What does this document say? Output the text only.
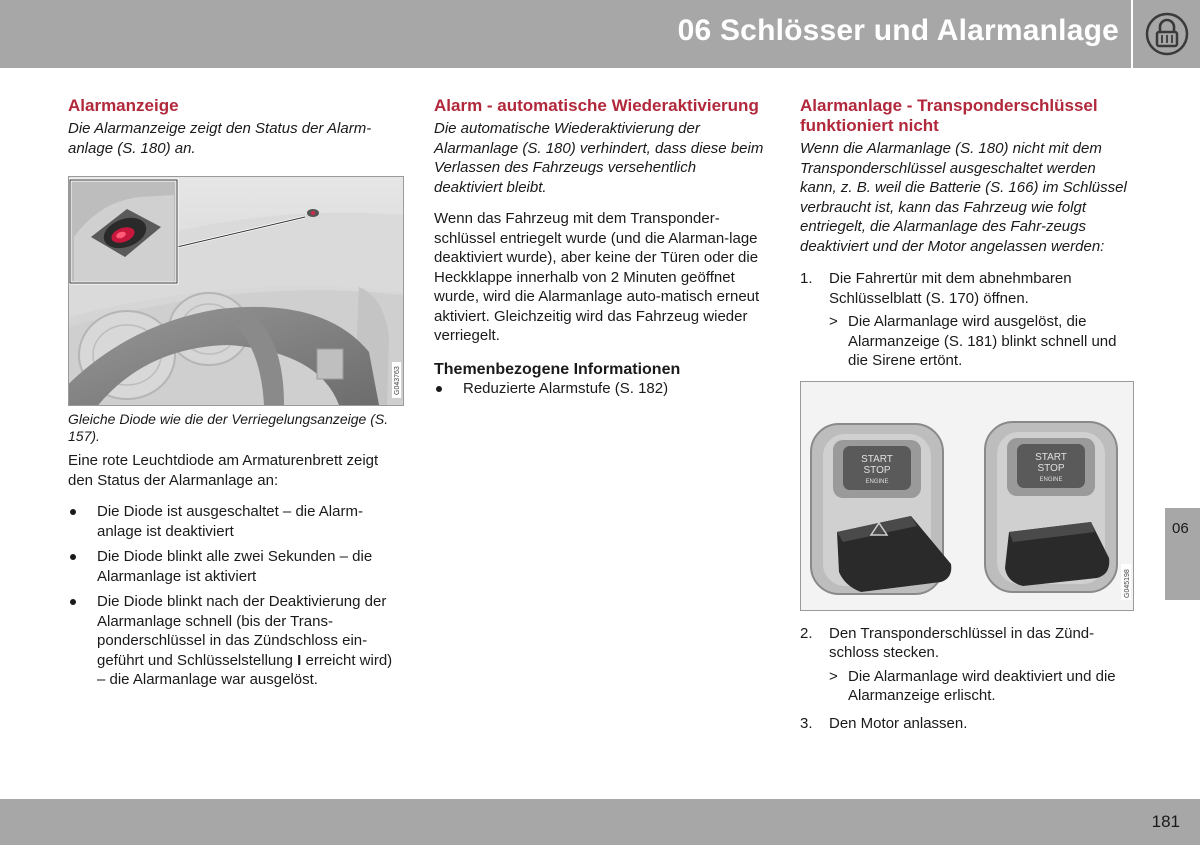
06 Schlösser und Alarmanlage
06
181
Alarmanzeige

Die Alarmanzeige zeigt den Status der Alarm-anlage (S. 180) an.

G043763

Gleiche Diode wie die der Verriegelungsanzeige (S. 157).

Eine rote Leuchtdiode am Armaturenbrett zeigt den Status der Alarmanlage an:

Die Diode ist ausgeschaltet – die Alarm-anlage ist deaktiviert
Die Diode blinkt alle zwei Sekunden – die Alarmanlage ist aktiviert
Die Diode blinkt nach der Deaktivierung der Alarmanlage schnell (bis der Trans-ponderschlüssel in das Zündschloss ein-geführt und Schlüsselstellung I erreicht wird) – die Alarmanlage war ausgelöst.
Alarm - automatische Wiederaktivierung

Die automatische Wiederaktivierung der Alarmanlage (S. 180) verhindert, dass diese beim Verlassen des Fahrzeugs versehentlich deaktiviert bleibt.

Wenn das Fahrzeug mit dem Transponder-schlüssel entriegelt wurde (und die Alarman-lage deaktiviert wurde), aber keine der Türen oder die Heckklappe innerhalb von 2 Minuten geöffnet wurde, wird die Alarmanlage auto-matisch erneut aktiviert. Gleichzeitig wird das Fahrzeug wieder verriegelt.

Themenbezogene Informationen
Reduzierte Alarmstufe (S. 182)
Alarmanlage - Transponderschlüssel funktioniert nicht

Wenn die Alarmanlage (S. 180) nicht mit dem Transponderschlüssel ausgeschaltet werden kann, z. B. weil die Batterie (S. 166) im Schlüssel verbraucht ist, kann das Fahrzeug wie folgt entriegelt, die Alarmanlage des Fahr-zeugs deaktiviert und der Motor angelassen werden:

1. Die Fahrertür mit dem abnehmbaren Schlüsselblatt (S. 170) öffnen.
> Die Alarmanlage wird ausgelöst, die Alarmanzeige (S. 181) blinkt schnell und die Sirene ertönt.
START
STOP
ENGINE
START
STOP
ENGINE
G045198
2. Den Transponderschlüssel in das Zünd-schloss stecken.
> Die Alarmanlage wird deaktiviert und die Alarmanzeige erlischt.
3. Den Motor anlassen.
